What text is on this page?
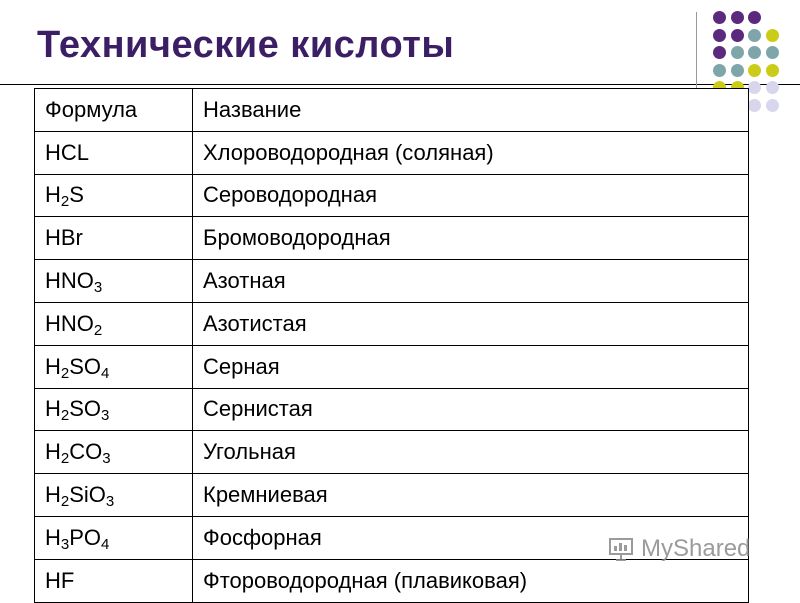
Технические кислоты
Формула	Название
HCL	Хлороводородная (соляная)
$H_2S$	Сероводородная
HBr	Бромоводородная
$HNO_3$	Азотная
$HNO_2$	Азотистая
$H_2SO_4$	Серная
$H_2SO_3$	Сернистая
$H_2CO_3$	Угольная
$H_2SiO_3$	Кремниевая
$H_3PO_4$	Фосфорная
HF	Фтороводородная (плавиковая)
MyShared
